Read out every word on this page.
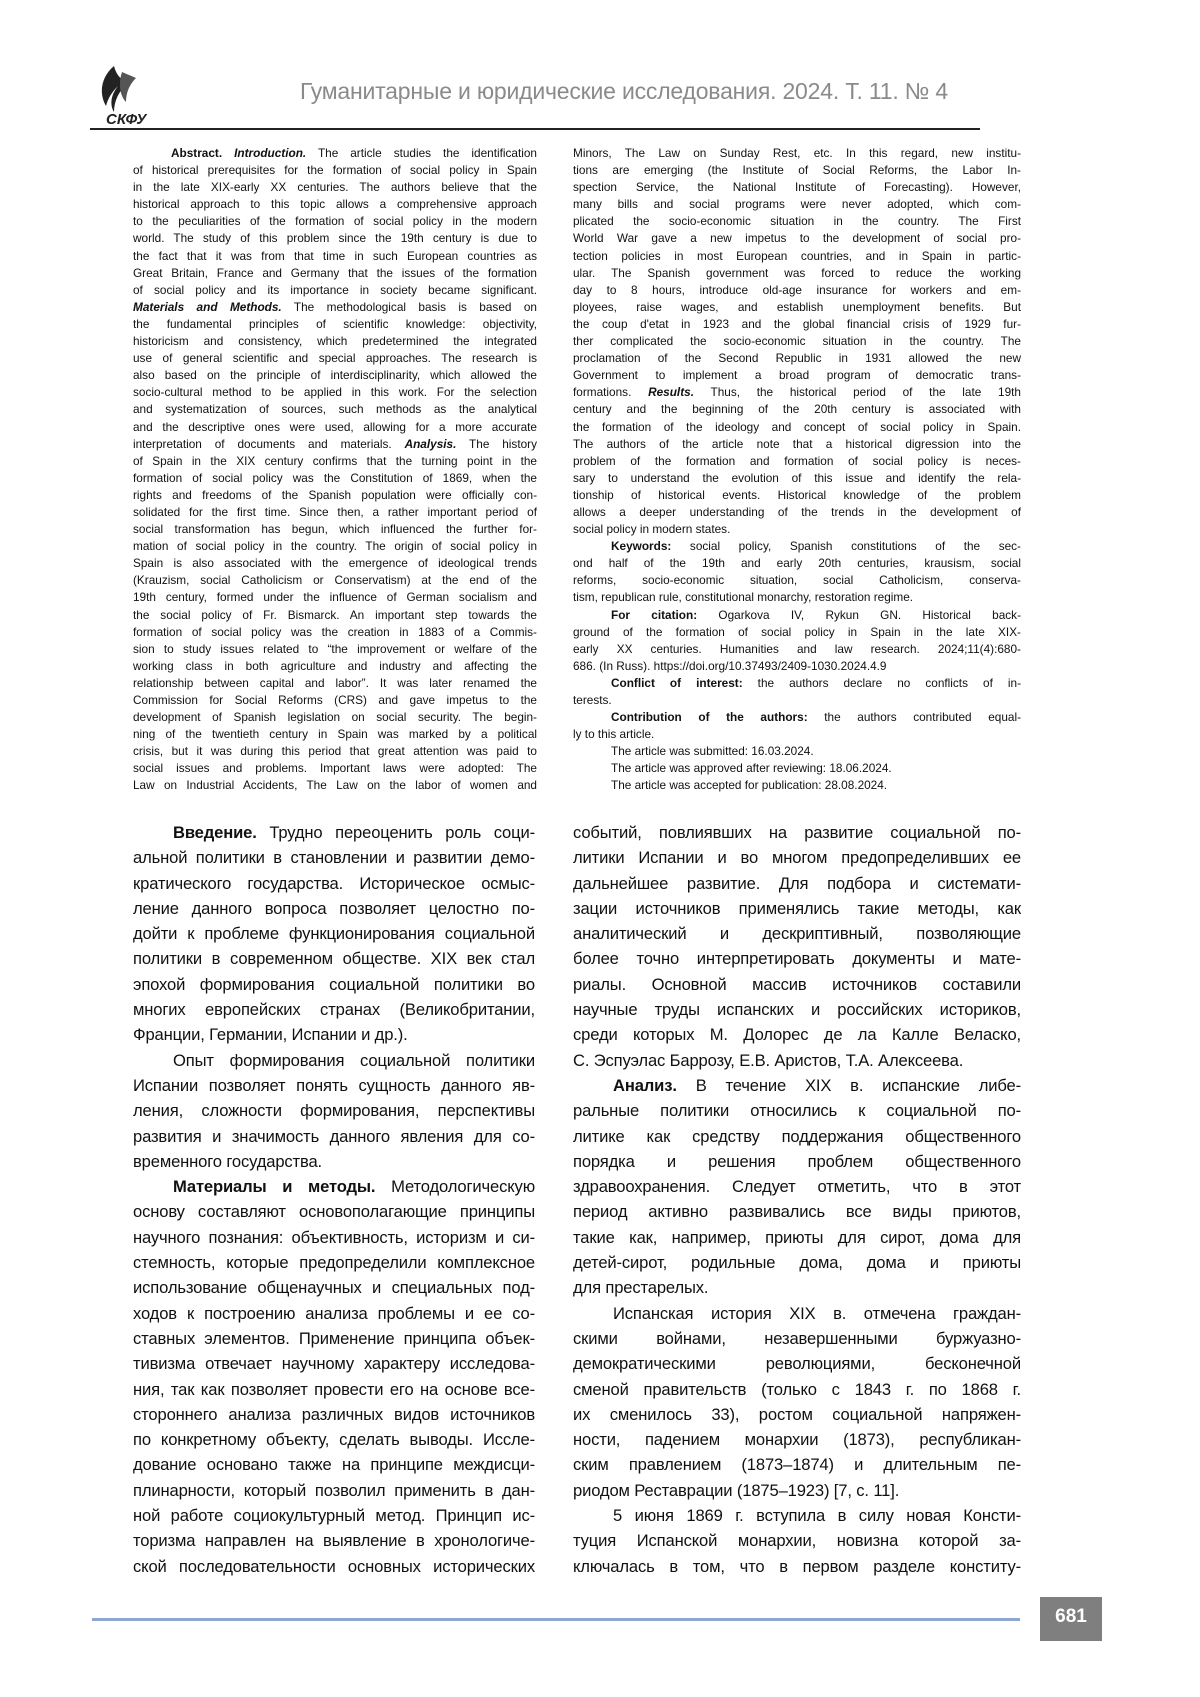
СКФУ
Гуманитарные и юридические исследования. 2024. Т. 11. № 4
Abstract. Introduction. The article studies the identification
of historical prerequisites for the formation of social policy in Spain
in the late XIX-early XX centuries. The authors believe that the
historical approach to this topic allows a comprehensive approach
to the peculiarities of the formation of social policy in the modern
world. The study of this problem since the 19th century is due to
the fact that it was from that time in such European countries as
Great Britain, France and Germany that the issues of the formation
of social policy and its importance in society became significant.
Materials and Methods. The methodological basis is based on
the fundamental principles of scientific knowledge: objectivity,
historicism and consistency, which predetermined the integrated
use of general scientific and special approaches. The research is
also based on the principle of interdisciplinarity, which allowed the
socio-cultural method to be applied in this work. For the selection
and systematization of sources, such methods as the analytical
and the descriptive ones were used, allowing for a more accurate
interpretation of documents and materials. Analysis. The history
of Spain in the XIX century confirms that the turning point in the
formation of social policy was the Constitution of 1869, when the
rights and freedoms of the Spanish population were officially con-
solidated for the first time. Since then, a rather important period of
social transformation has begun, which influenced the further for-
mation of social policy in the country. The origin of social policy in
Spain is also associated with the emergence of ideological trends
(Krauzism, social Catholicism or Conservatism) at the end of the
19th century, formed under the influence of German socialism and
the social policy of Fr. Bismarck. An important step towards the
formation of social policy was the creation in 1883 of a Commis-
sion to study issues related to “the improvement or welfare of the
working class in both agriculture and industry and affecting the
relationship between capital and labor”. It was later renamed the
Commission for Social Reforms (CRS) and gave impetus to the
development of Spanish legislation on social security. The begin-
ning of the twentieth century in Spain was marked by a political
crisis, but it was during this period that great attention was paid to
social issues and problems. Important laws were adopted: The
Law on Industrial Accidents, The Law on the labor of women and
Minors, The Law on Sunday Rest, etc. In this regard, new institu-
tions are emerging (the Institute of Social Reforms, the Labor In-
spection Service, the National Institute of Forecasting). However,
many bills and social programs were never adopted, which com-
plicated the socio-economic situation in the country. The First
World War gave a new impetus to the development of social pro-
tection policies in most European countries, and in Spain in partic-
ular. The Spanish government was forced to reduce the working
day to 8 hours, introduce old-age insurance for workers and em-
ployees, raise wages, and establish unemployment benefits. But
the coup d'etat in 1923 and the global financial crisis of 1929 fur-
ther complicated the socio-economic situation in the country. The
proclamation of the Second Republic in 1931 allowed the new
Government to implement a broad program of democratic trans-
formations. Results. Thus, the historical period of the late 19th
century and the beginning of the 20th century is associated with
the formation of the ideology and concept of social policy in Spain.
The authors of the article note that a historical digression into the
problem of the formation and formation of social policy is neces-
sary to understand the evolution of this issue and identify the rela-
tionship of historical events. Historical knowledge of the problem
allows a deeper understanding of the trends in the development of
social policy in modern states.
Keywords: social policy, Spanish constitutions of the sec-
ond half of the 19th and early 20th centuries, krausism, social
reforms, socio-economic situation, social Catholicism, conserva-
tism, republican rule, constitutional monarchy, restoration regime.
For citation: Ogarkova IV, Rykun GN. Historical back-
ground of the formation of social policy in Spain in the late XIX-
early XX centuries. Humanities and law research. 2024;11(4):680-
686. (In Russ). https://doi.org/10.37493/2409-1030.2024.4.9
Conflict of interest: the authors declare no conflicts of in-
terests.
Contribution of the authors: the authors contributed equal-
ly to this article.
The article was submitted: 16.03.2024.
The article was approved after reviewing: 18.06.2024.
The article was accepted for publication: 28.08.2024.
Введение. Трудно переоценить роль соци-
альной политики в становлении и развитии демо-
кратического государства. Историческое осмыс-
ление данного вопроса позволяет целостно по-
дойти к проблеме функционирования социальной
политики в современном обществе. XIX век стал
эпохой формирования социальной политики во
многих европейских странах (Великобритании,
Франции, Германии, Испании и др.).
Опыт формирования социальной политики
Испании позволяет понять сущность данного яв-
ления, сложности формирования, перспективы
развития и значимость данного явления для со-
временного государства.
Материалы и методы. Методологическую
основу составляют основополагающие принципы
научного познания: объективность, историзм и си-
стемность, которые предопределили комплексное
использование общенаучных и специальных под-
ходов к построению анализа проблемы и ее со-
ставных элементов. Применение принципа объек-
тивизма отвечает научному характеру исследова-
ния, так как позволяет провести его на основе все-
стороннего анализа различных видов источников
по конкретному объекту, сделать выводы. Иссле-
дование основано также на принципе междисци-
плинарности, который позволил применить в дан-
ной работе социокультурный метод. Принцип ис-
торизма направлен на выявление в хронологиче-
ской последовательности основных исторических
событий, повлиявших на развитие социальной по-
литики Испании и во многом предопределивших ее
дальнейшее развитие. Для подбора и системати-
зации источников применялись такие методы, как
аналитический и дескриптивный, позволяющие
более точно интерпретировать документы и мате-
риалы. Основной массив источников составили
научные труды испанских и российских историков,
среди которых М. Долорес де ла Калле Веласко,
С. Эспуэлас Баррозу, Е.В. Аристов, Т.А. Алексеева.
Анализ. В течение XIX в. испанские либе-
ральные политики относились к социальной по-
литике как средству поддержания общественного
порядка и решения проблем общественного
здравоохранения. Следует отметить, что в этот
период активно развивались все виды приютов,
такие как, например, приюты для сирот, дома для
детей-сирот, родильные дома, дома и приюты
для престарелых.
Испанская история XIX в. отмечена граждан-
скими войнами, незавершенными буржуазно-
демократическими революциями, бесконечной
сменой правительств (только с 1843 г. по 1868 г.
их сменилось 33), ростом социальной напряжен-
ности, падением монархии (1873), республикан-
ским правлением (1873–1874) и длительным пе-
риодом Реставрации (1875–1923) [7, с. 11].
5 июня 1869 г. вступила в силу новая Консти-
туция Испанской монархии, новизна которой за-
ключалась в том, что в первом разделе конститу-
681
